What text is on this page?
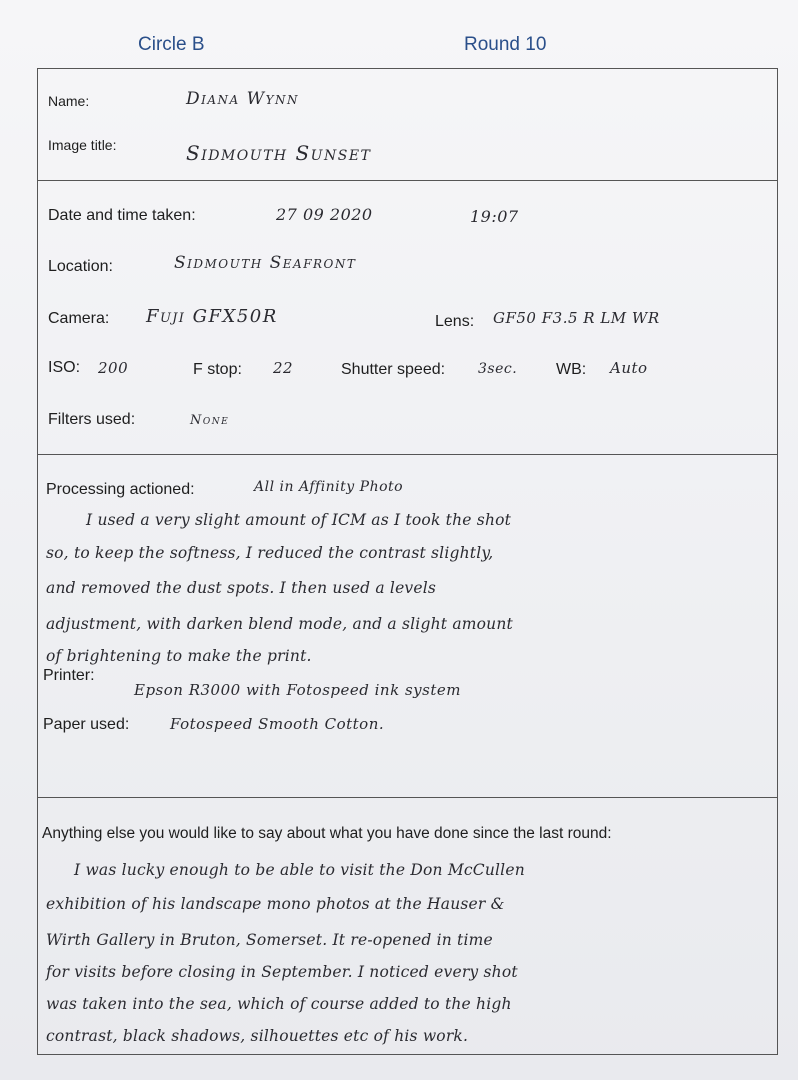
Circle B	Round 10
Name:	Diana Wynn
Image title:	Sidmouth Sunset
Date and time taken:	27 09 2020	19:07
Location:	Sidmouth Seafront
Camera: Fuji GFX50R	Lens: GF50 F3.5 R LM WR
ISO: 200	F stop: 22	Shutter speed: 3sec. WB: Auto
Filters used:	None
Processing actioned:	All in Affinity Photo
I used a very slight amount of ICM as I took the shot
so, to keep the softness, I reduced the contrast slightly,
and removed the dust spots. I then used a levels
adjustment, with darken blend mode, and a slight amount
of brightening to make the print.
Printer:
Epson R3000 with Fotospeed ink system
Paper used:	Fotospeed Smooth Cotton.
Anything else you would like to say about what you have done since the last round:
I was lucky enough to be able to visit the Don McCullen
exhibition of his landscape mono photos at the Hauser &
Wirth Gallery in Bruton, Somerset. It re-opened in time
for visits before closing in September. I noticed every shot
was taken into the sea, which of course added to the high
contrast, black shadows, silhouettes etc of his work.
